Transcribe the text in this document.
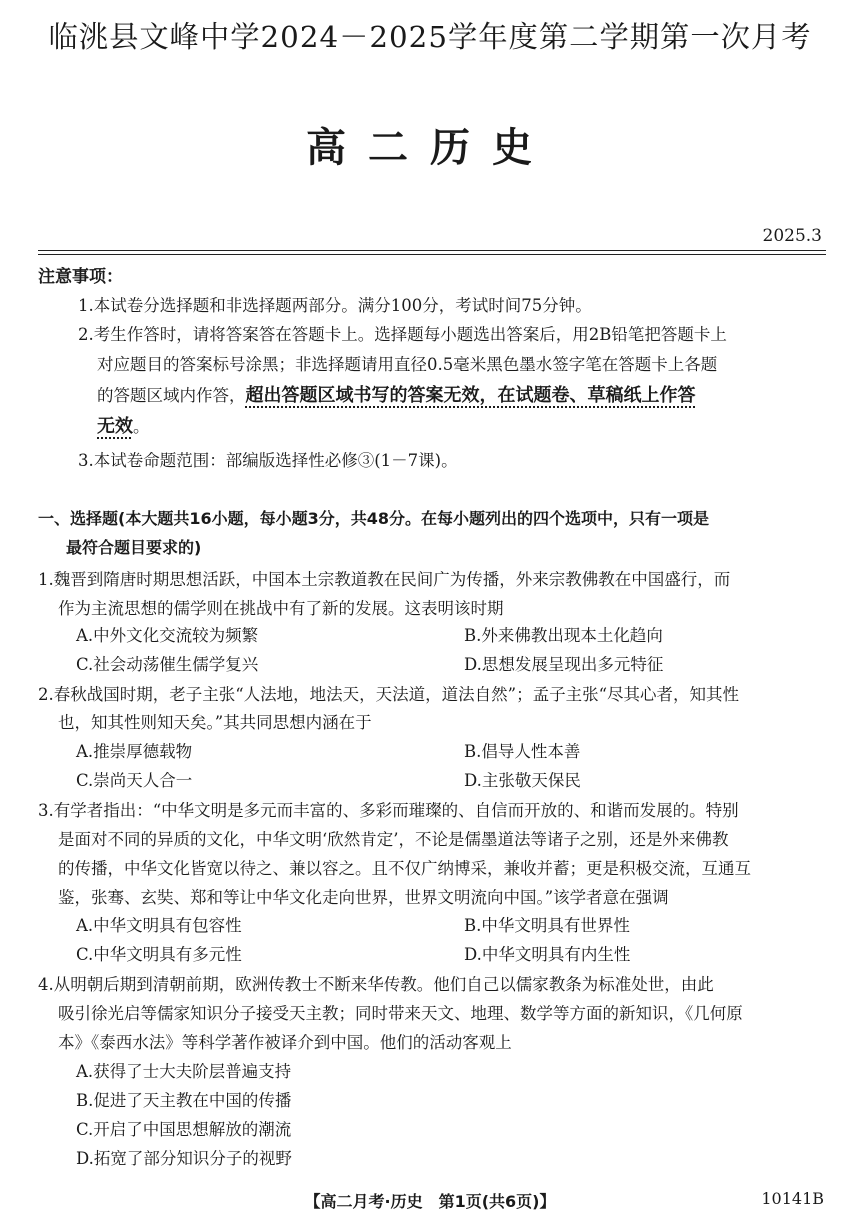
临洮县文峰中学2024－2025学年度第二学期第一次月考
高二历史
2025.3
注意事项：
1.本试卷分选择题和非选择题两部分。满分100分，考试时间75分钟。
2.考生作答时，请将答案答在答题卡上。选择题每小题选出答案后，用2B铅笔把答题卡上
对应题目的答案标号涂黑；非选择题请用直径0.5毫米黑色墨水签字笔在答题卡上各题
的答题区域内作答，超出答题区域书写的答案无效，在试题卷、草稿纸上作答
无效。
3.本试卷命题范围：部编版选择性必修③(1－7课)。
一、选择题(本大题共16小题，每小题3分，共48分。在每小题列出的四个选项中，只有一项是
最符合题目要求的)
1.魏晋到隋唐时期思想活跃，中国本土宗教道教在民间广为传播，外来宗教佛教在中国盛行，而
作为主流思想的儒学则在挑战中有了新的发展。这表明该时期
A.中外文化交流较为频繁	B.外来佛教出现本土化趋向
C.社会动荡催生儒学复兴	D.思想发展呈现出多元特征
2.春秋战国时期，老子主张“人法地，地法天，天法道，道法自然”；孟子主张“尽其心者，知其性
也，知其性则知天矣。”其共同思想内涵在于
A.推崇厚德载物	B.倡导人性本善
C.崇尚天人合一	D.主张敬天保民
3.有学者指出：“中华文明是多元而丰富的、多彩而璀璨的、自信而开放的、和谐而发展的。特别
是面对不同的异质的文化，中华文明‘欣然肯定’，不论是儒墨道法等诸子之别，还是外来佛教
的传播，中华文化皆宽以待之、兼以容之。且不仅广纳博采，兼收并蓄；更是积极交流，互通互
鉴，张骞、玄奘、郑和等让中华文化走向世界，世界文明流向中国。”该学者意在强调
A.中华文明具有包容性	B.中华文明具有世界性
C.中华文明具有多元性	D.中华文明具有内生性
4.从明朝后期到清朝前期，欧洲传教士不断来华传教。他们自己以儒家教条为标准处世，由此
吸引徐光启等儒家知识分子接受天主教；同时带来天文、地理、数学等方面的新知识，《几何原
本》《泰西水法》等科学著作被译介到中国。他们的活动客观上
A.获得了士大夫阶层普遍支持
B.促进了天主教在中国的传播
C.开启了中国思想解放的潮流
D.拓宽了部分知识分子的视野
【高二月考·历史　第1页(共6页)】	10141B
